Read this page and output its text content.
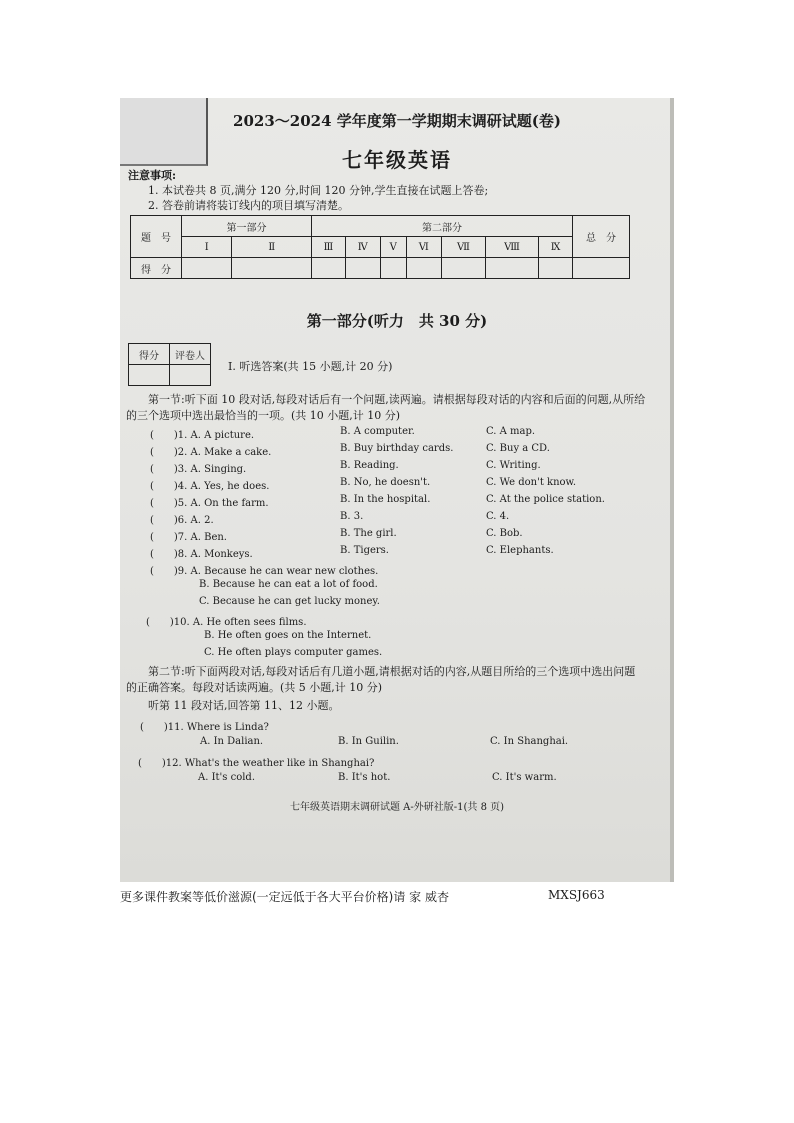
2023～2024 学年度第一学期期末调研试题(卷)
七年级英语
注意事项:
1. 本试卷共 8 页,满分 120 分,时间 120 分钟,学生直接在试题上答卷;
2. 答卷前请将装订线内的项目填写清楚。
题　号	第一部分		第二部分							总　分
	Ⅰ	Ⅱ	Ⅲ	Ⅳ	Ⅴ	Ⅵ	Ⅶ	Ⅷ	Ⅸ	
得　分										
第一部分(听力　共 30 分)
得分	评卷人

Ⅰ. 听选答案(共 15 小题,计 20 分)
第一节:听下面 10 段对话,每段对话后有一个问题,读两遍。请根据每段对话的内容和后面的问题,从所给的三个选项中选出最恰当的一项。(共 10 小题,计 10 分)
(　　)1. A. A picture.	B. A computer.	C. A map.
(　　)2. A. Make a cake.	B. Buy birthday cards.	C. Buy a CD.
(　　)3. A. Singing.	B. Reading.	C. Writing.
(　　)4. A. Yes, he does.	B. No, he doesn't.	C. We don't know.
(　　)5. A. On the farm.	B. In the hospital.	C. At the police station.
(　　)6. A. 2.	B. 3.	C. 4.
(　　)7. A. Ben.	B. The girl.	C. Bob.
(　　)8. A. Monkeys.	B. Tigers.	C. Elephants.
(　　)9. A. Because he can wear new clothes.
B. Because he can eat a lot of food.
C. Because he can get lucky money.
(　　)10. A. He often sees films.
B. He often goes on the Internet.
C. He often plays computer games.
第二节:听下面两段对话,每段对话后有几道小题,请根据对话的内容,从题目所给的三个选项中选出问题的正确答案。每段对话读两遍。(共 5 小题,计 10 分)
听第 11 段对话,回答第 11、12 小题。
(　　)11. Where is Linda?
A. In Dalian.	B. In Guilin.	C. In Shanghai.
(　　)12. What's the weather like in Shanghai?
A. It's cold.	B. It's hot.	C. It's warm.
七年级英语期末调研试题 A-外研社版-1(共 8 页)
更多课件教案等低价滋源(一定远低于各大平台价格)请 家 威杏	MXSJ663
